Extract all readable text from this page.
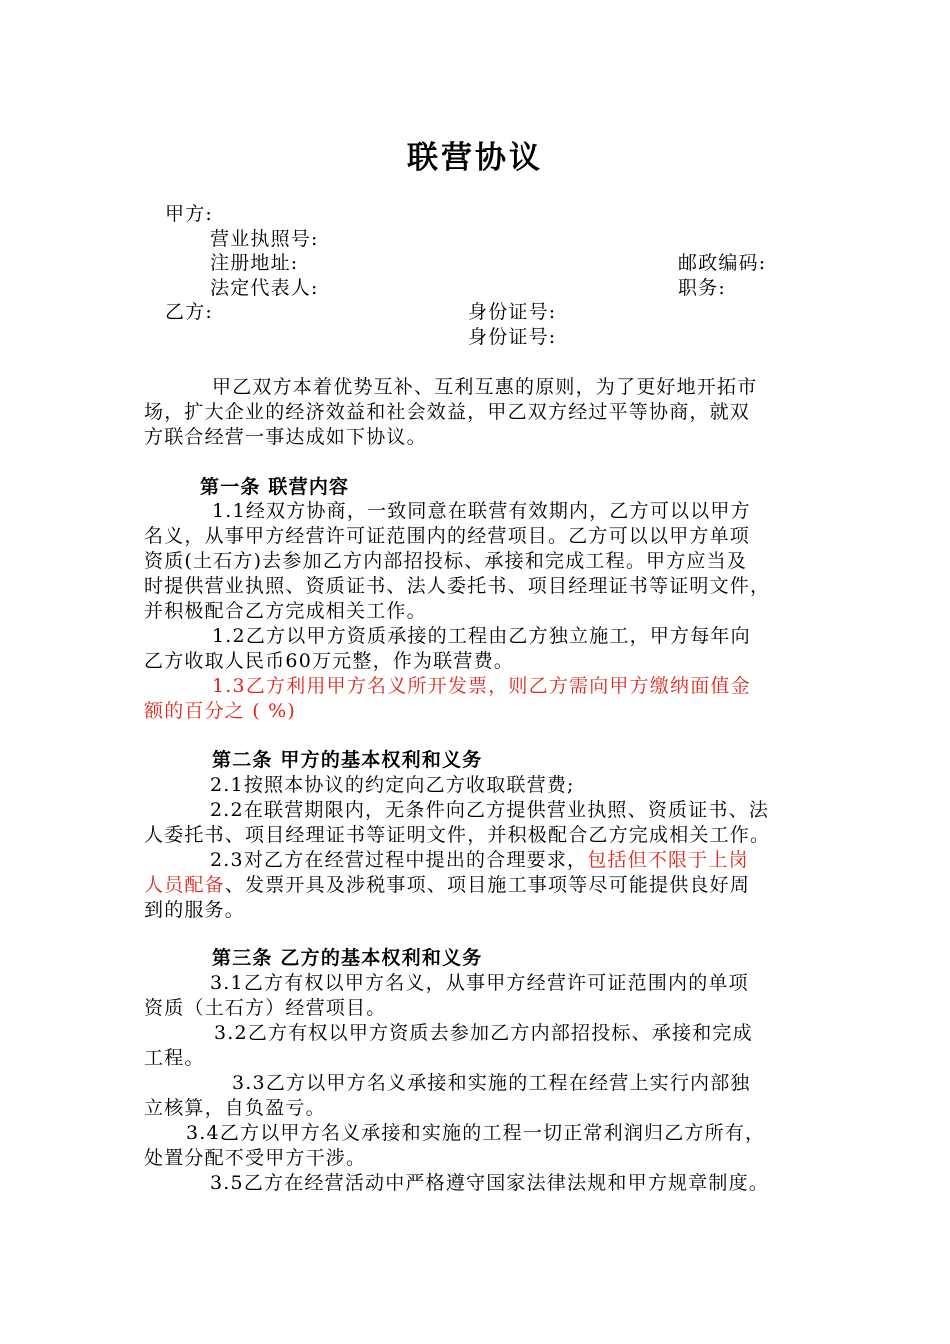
联营协议
甲方:
营业执照号:
注册地址:	邮政编码:
法定代表人:	职务:
乙方:	身份证号:
身份证号:
甲乙双方本着优势互补、互利互惠的原则，为了更好地开拓市
场，扩大企业的经济效益和社会效益，甲乙双方经过平等协商，就双
方联合经营一事达成如下协议。
第一条 联营内容
1.1经双方协商，一致同意在联营有效期内，乙方可以以甲方
名义，从事甲方经营许可证范围内的经营项目。乙方可以以甲方单项
资质(土石方)去参加乙方内部招投标、承接和完成工程。甲方应当及
时提供营业执照、资质证书、法人委托书、项目经理证书等证明文件，
并积极配合乙方完成相关工作。
1.2乙方以甲方资质承接的工程由乙方独立施工，甲方每年向
乙方收取人民币60万元整，作为联营费。
1.3乙方利用甲方名义所开发票，则乙方需向甲方缴纳面值金
额的百分之 ( %)
第二条 甲方的基本权利和义务
2.1按照本协议的约定向乙方收取联营费;
2.2在联营期限内，无条件向乙方提供营业执照、资质证书、法
人委托书、项目经理证书等证明文件，并积极配合乙方完成相关工作。
2.3对乙方在经营过程中提出的合理要求，包括但不限于上岗
人员配备、发票开具及涉税事项、项目施工事项等尽可能提供良好周
到的服务。
第三条 乙方的基本权利和义务
3.1乙方有权以甲方名义，从事甲方经营许可证范围内的单项
资质（土石方）经营项目。
3.2乙方有权以甲方资质去参加乙方内部招投标、承接和完成
工程。
3.3乙方以甲方名义承接和实施的工程在经营上实行内部独
立核算，自负盈亏。
3.4乙方以甲方名义承接和实施的工程一切正常利润归乙方所有，
处置分配不受甲方干涉。
3.5乙方在经营活动中严格遵守国家法律法规和甲方规章制度。
